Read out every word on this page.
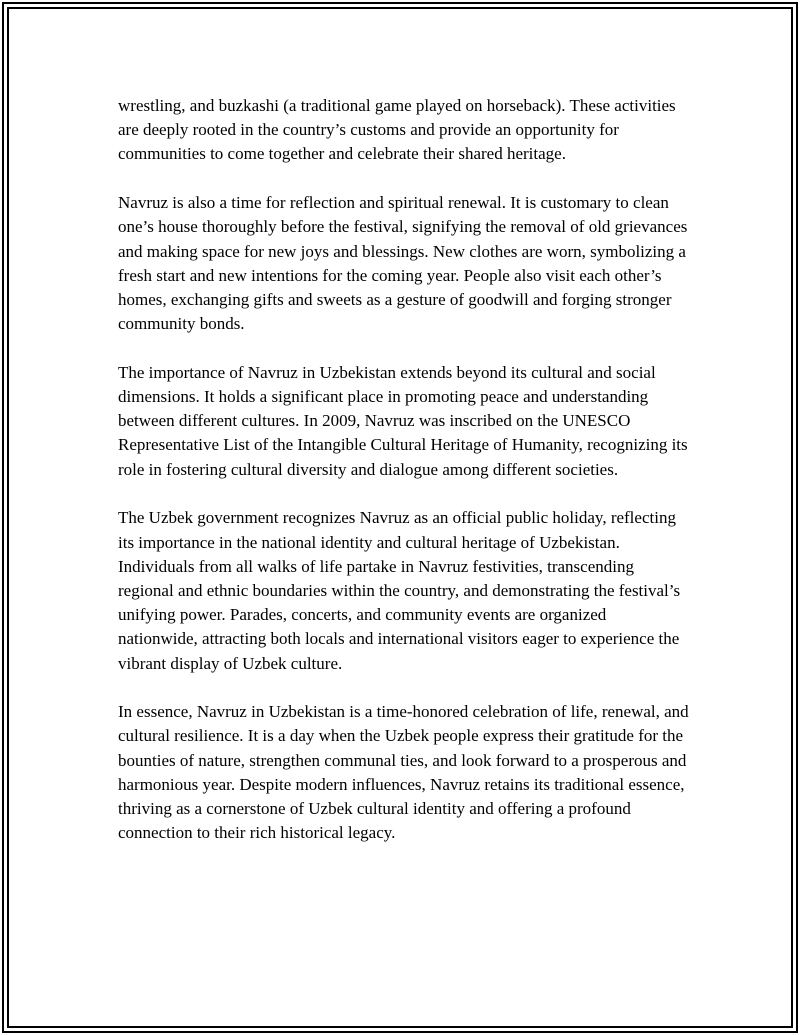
wrestling, and buzkashi (a traditional game played on horseback). These activities are deeply rooted in the country’s customs and provide an opportunity for communities to come together and celebrate their shared heritage.

Navruz is also a time for reflection and spiritual renewal. It is customary to clean one’s house thoroughly before the festival, signifying the removal of old grievances and making space for new joys and blessings. New clothes are worn, symbolizing a fresh start and new intentions for the coming year. People also visit each other’s homes, exchanging gifts and sweets as a gesture of goodwill and forging stronger community bonds.

The importance of Navruz in Uzbekistan extends beyond its cultural and social dimensions. It holds a significant place in promoting peace and understanding between different cultures. In 2009, Navruz was inscribed on the UNESCO Representative List of the Intangible Cultural Heritage of Humanity, recognizing its role in fostering cultural diversity and dialogue among different societies.

The Uzbek government recognizes Navruz as an official public holiday, reflecting its importance in the national identity and cultural heritage of Uzbekistan. Individuals from all walks of life partake in Navruz festivities, transcending regional and ethnic boundaries within the country, and demonstrating the festival’s unifying power. Parades, concerts, and community events are organized nationwide, attracting both locals and international visitors eager to experience the vibrant display of Uzbek culture.

In essence, Navruz in Uzbekistan is a time-honored celebration of life, renewal, and cultural resilience. It is a day when the Uzbek people express their gratitude for the bounties of nature, strengthen communal ties, and look forward to a prosperous and harmonious year. Despite modern influences, Navruz retains its traditional essence, thriving as a cornerstone of Uzbek cultural identity and offering a profound connection to their rich historical legacy.
